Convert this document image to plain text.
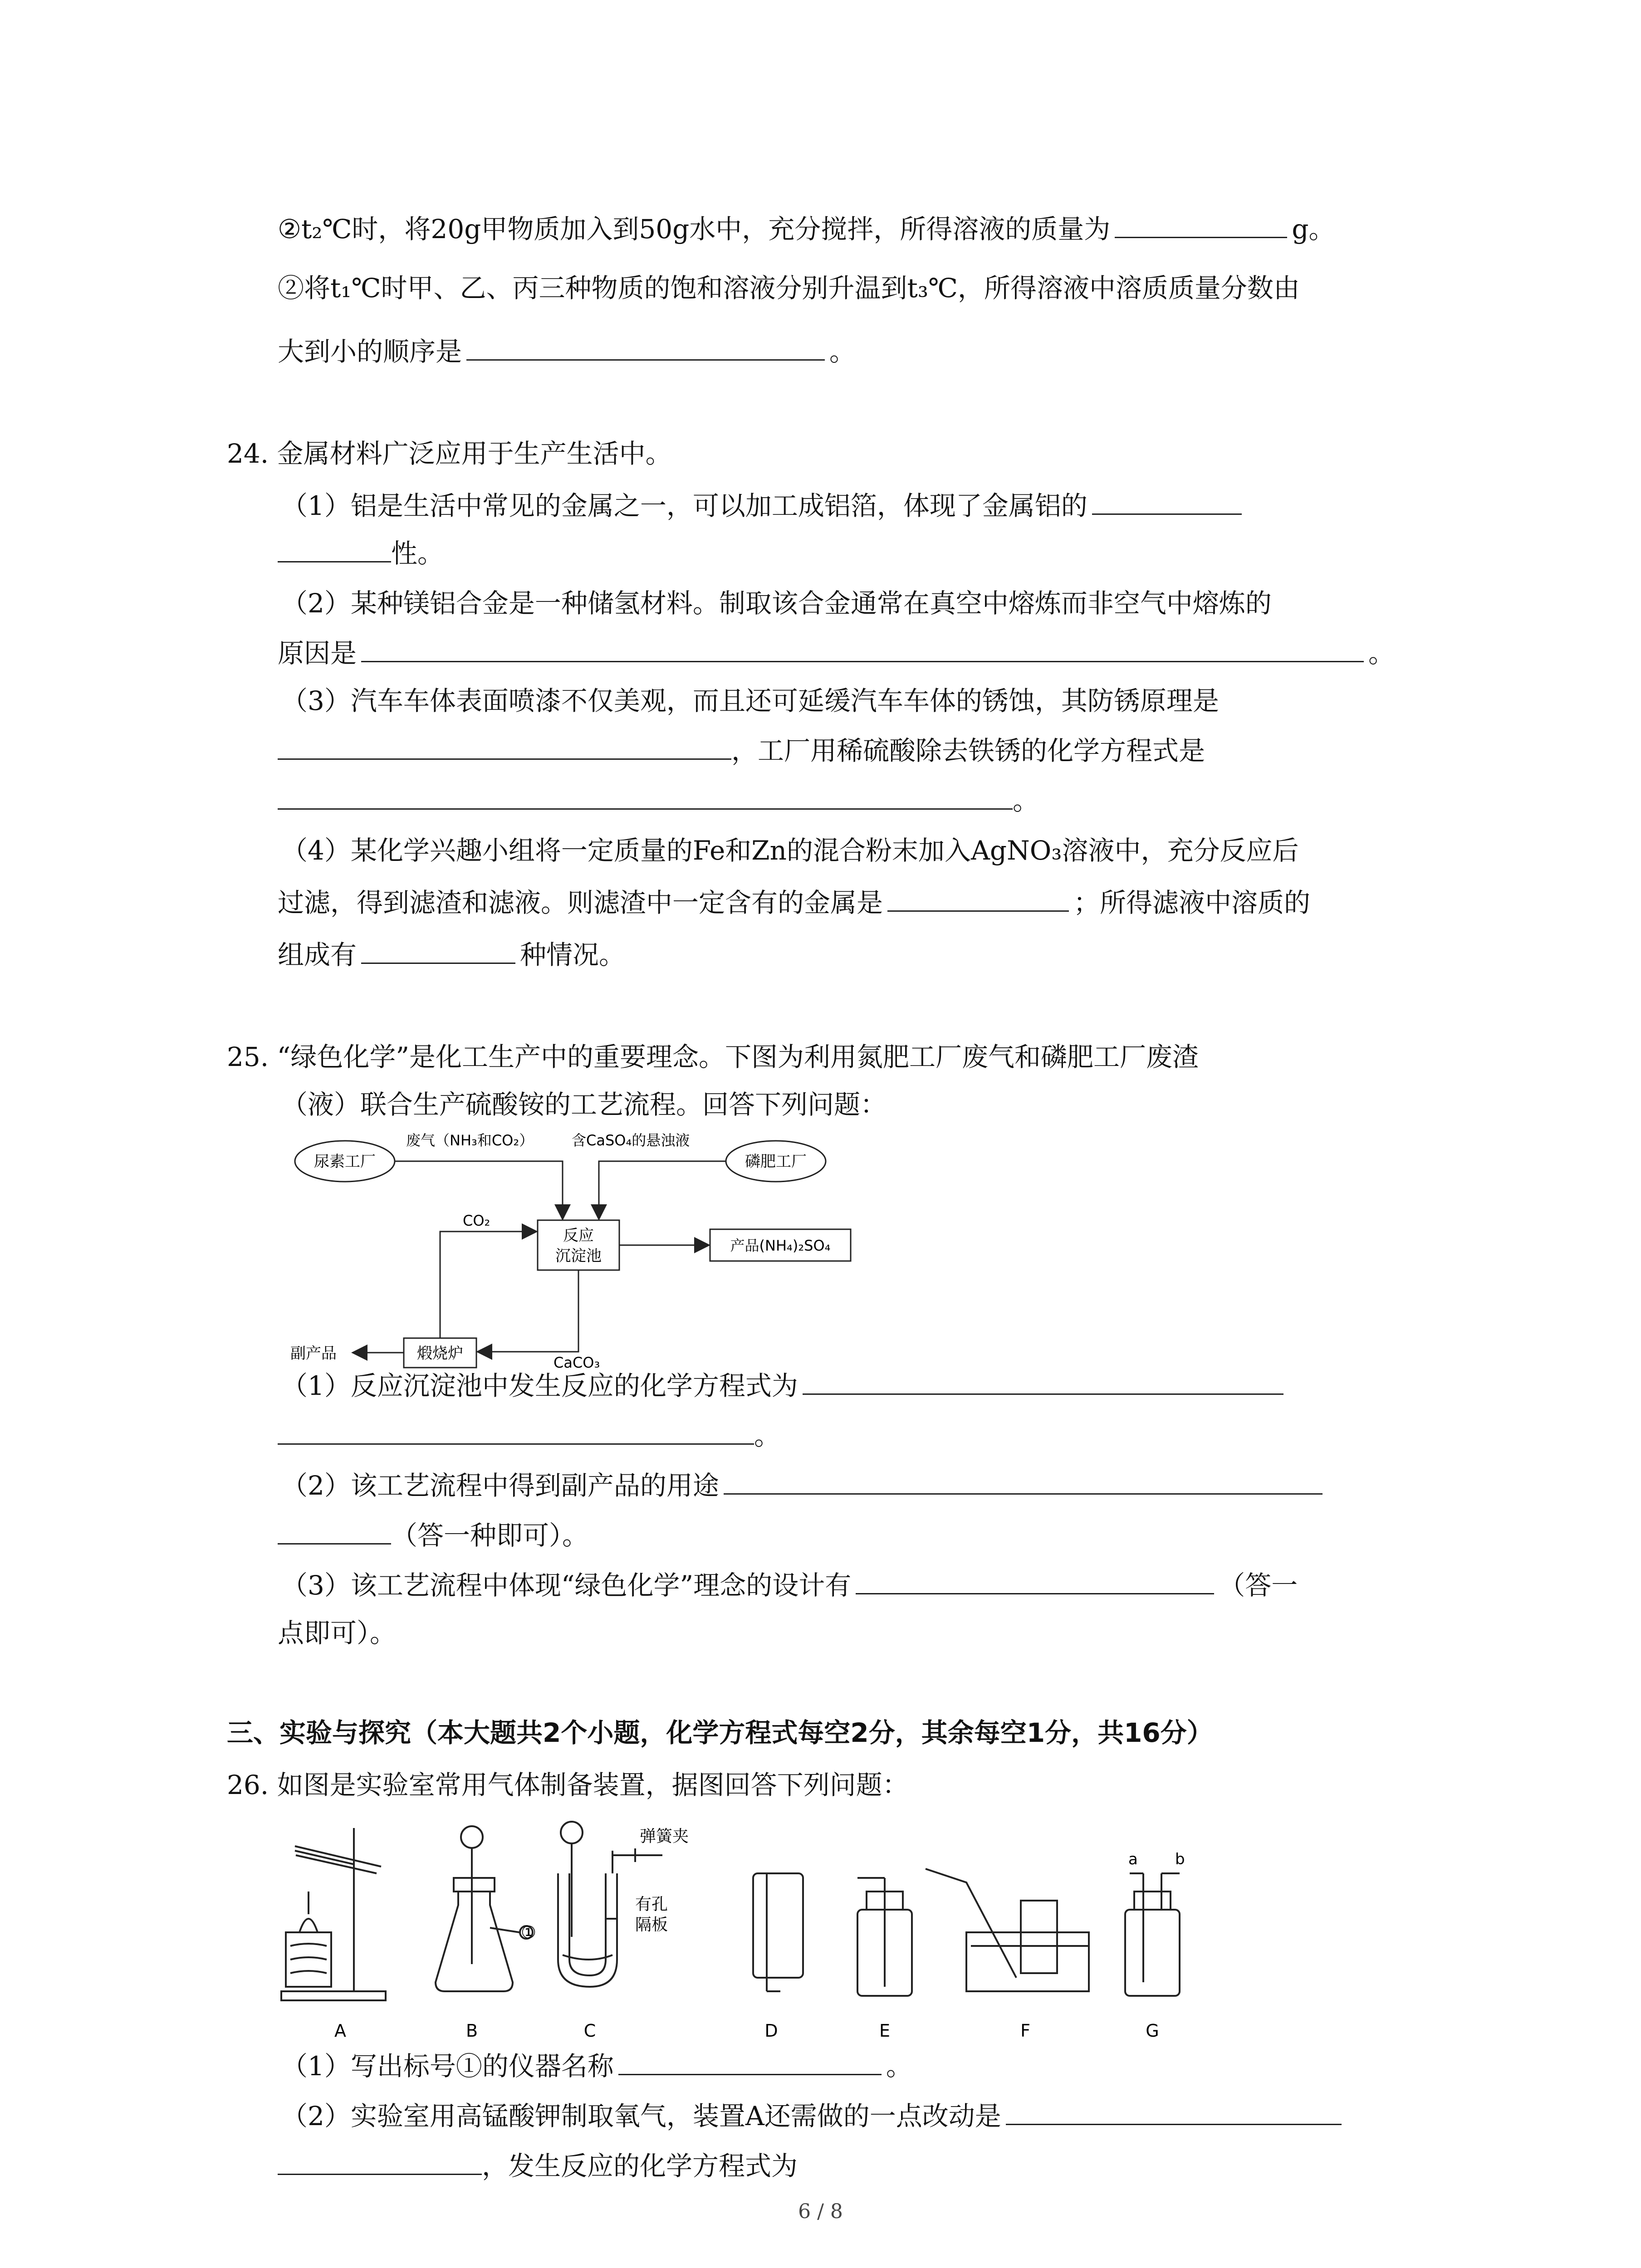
②t₂℃时，将20g甲物质加入到50g水中，充分搅拌，所得溶液的质量为	g。
②将t₁℃时甲、乙、丙三种物质的饱和溶液分别升温到t₃℃，所得溶液中溶质质量分数由
大到小的顺序是	。
24. 金属材料广泛应用于生产生活中。
（1）铝是生活中常见的金属之一，可以加工成铝箔，体现了金属铝的
性。
（2）某种镁铝合金是一种储氢材料。制取该合金通常在真空中熔炼而非空气中熔炼的
原因是	。
（3）汽车车体表面喷漆不仅美观，而且还可延缓汽车车体的锈蚀，其防锈原理是
，工厂用稀硫酸除去铁锈的化学方程式是
。
（4）某化学兴趣小组将一定质量的Fe和Zn的混合粉末加入AgNO₃溶液中，充分反应后
过滤，得到滤渣和滤液。则滤渣中一定含有的金属是	；所得滤液中溶质的
组成有	种情况。
25. “绿色化学”是化工生产中的重要理念。下图为利用氮肥工厂废气和磷肥工厂废渣
（液）联合生产硫酸铵的工艺流程。回答下列问题：
尿素工厂	磷肥工厂
废气（NH₃和CO₂）	含CaSO₄的悬浊液
反应
沉淀池
产品(NH₄)₂SO₄
CO₂
CaCO₃
煅烧炉
副产品
（1）反应沉淀池中发生反应的化学方程式为
。
（2）该工艺流程中得到副产品的用途
（答一种即可）。
（3）该工艺流程中体现“绿色化学”理念的设计有	（答一
点即可）。
三、实验与探究（本大题共2个小题，化学方程式每空2分，其余每空1分，共16分）
26. 如图是实验室常用气体制备装置，据图回答下列问题：
①
弹簧夹
有孔
隔板
a b
A	B	C	D	E	F	G
（1）写出标号①的仪器名称	。
（2）实验室用高锰酸钾制取氧气，装置A还需做的一点改动是
，发生反应的化学方程式为
6 / 8
